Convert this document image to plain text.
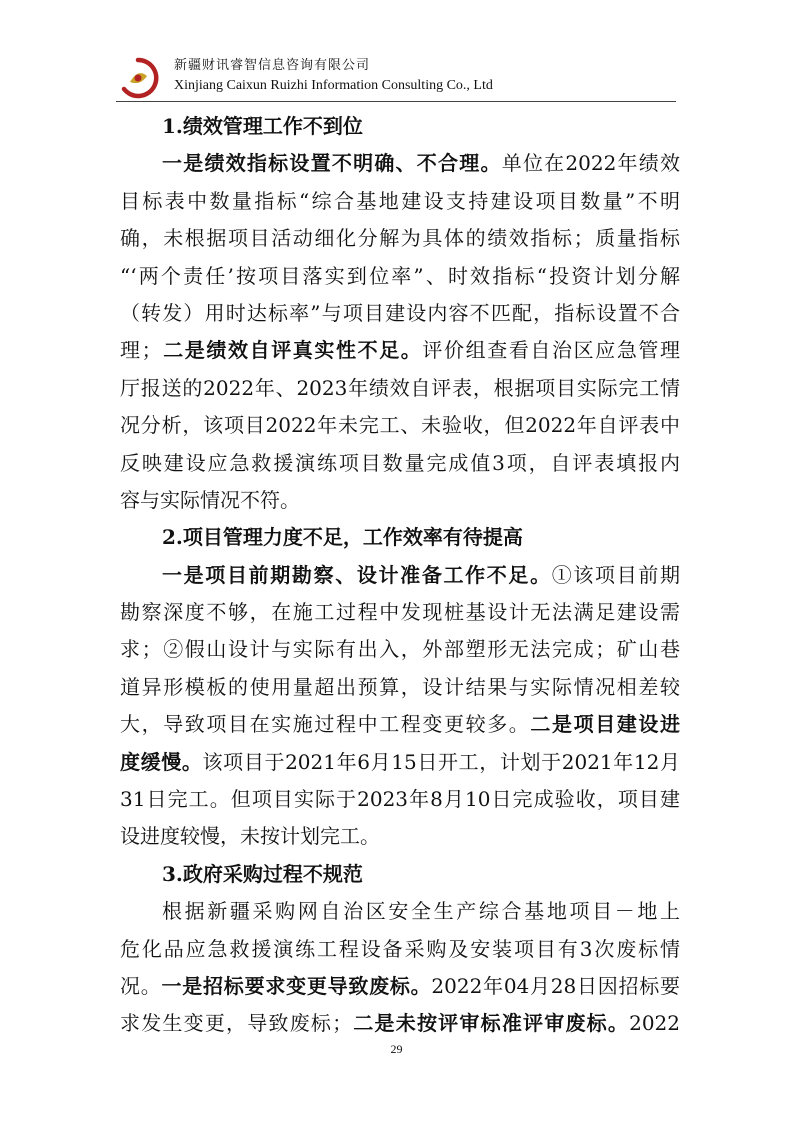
新疆财讯睿智信息咨询有限公司
Xinjiang Caixun Ruizhi Information Consulting Co., Ltd
1.绩效管理工作不到位
一是绩效指标设置不明确、不合理。单位在2022年绩效
目标表中数量指标“综合基地建设支持建设项目数量”不明
确，未根据项目活动细化分解为具体的绩效指标；质量指标
“‘两个责任’按项目落实到位率”、时效指标“投资计划分解
（转发）用时达标率”与项目建设内容不匹配，指标设置不合
理；二是绩效自评真实性不足。评价组查看自治区应急管理
厅报送的2022年、2023年绩效自评表，根据项目实际完工情
况分析，该项目2022年未完工、未验收，但2022年自评表中
反映建设应急救援演练项目数量完成值3项，自评表填报内
容与实际情况不符。
2.项目管理力度不足，工作效率有待提高
一是项目前期勘察、设计准备工作不足。①该项目前期
勘察深度不够，在施工过程中发现桩基设计无法满足建设需
求；②假山设计与实际有出入，外部塑形无法完成；矿山巷
道异形模板的使用量超出预算，设计结果与实际情况相差较
大，导致项目在实施过程中工程变更较多。二是项目建设进
度缓慢。该项目于2021年6月15日开工，计划于2021年12月
31日完工。但项目实际于2023年8月10日完成验收，项目建
设进度较慢，未按计划完工。
3.政府采购过程不规范
根据新疆采购网自治区安全生产综合基地项目－地上
危化品应急救援演练工程设备采购及安装项目有3次废标情
况。一是招标要求变更导致废标。2022年04月28日因招标要
求发生变更，导致废标；二是未按评审标准评审废标。2022
29
